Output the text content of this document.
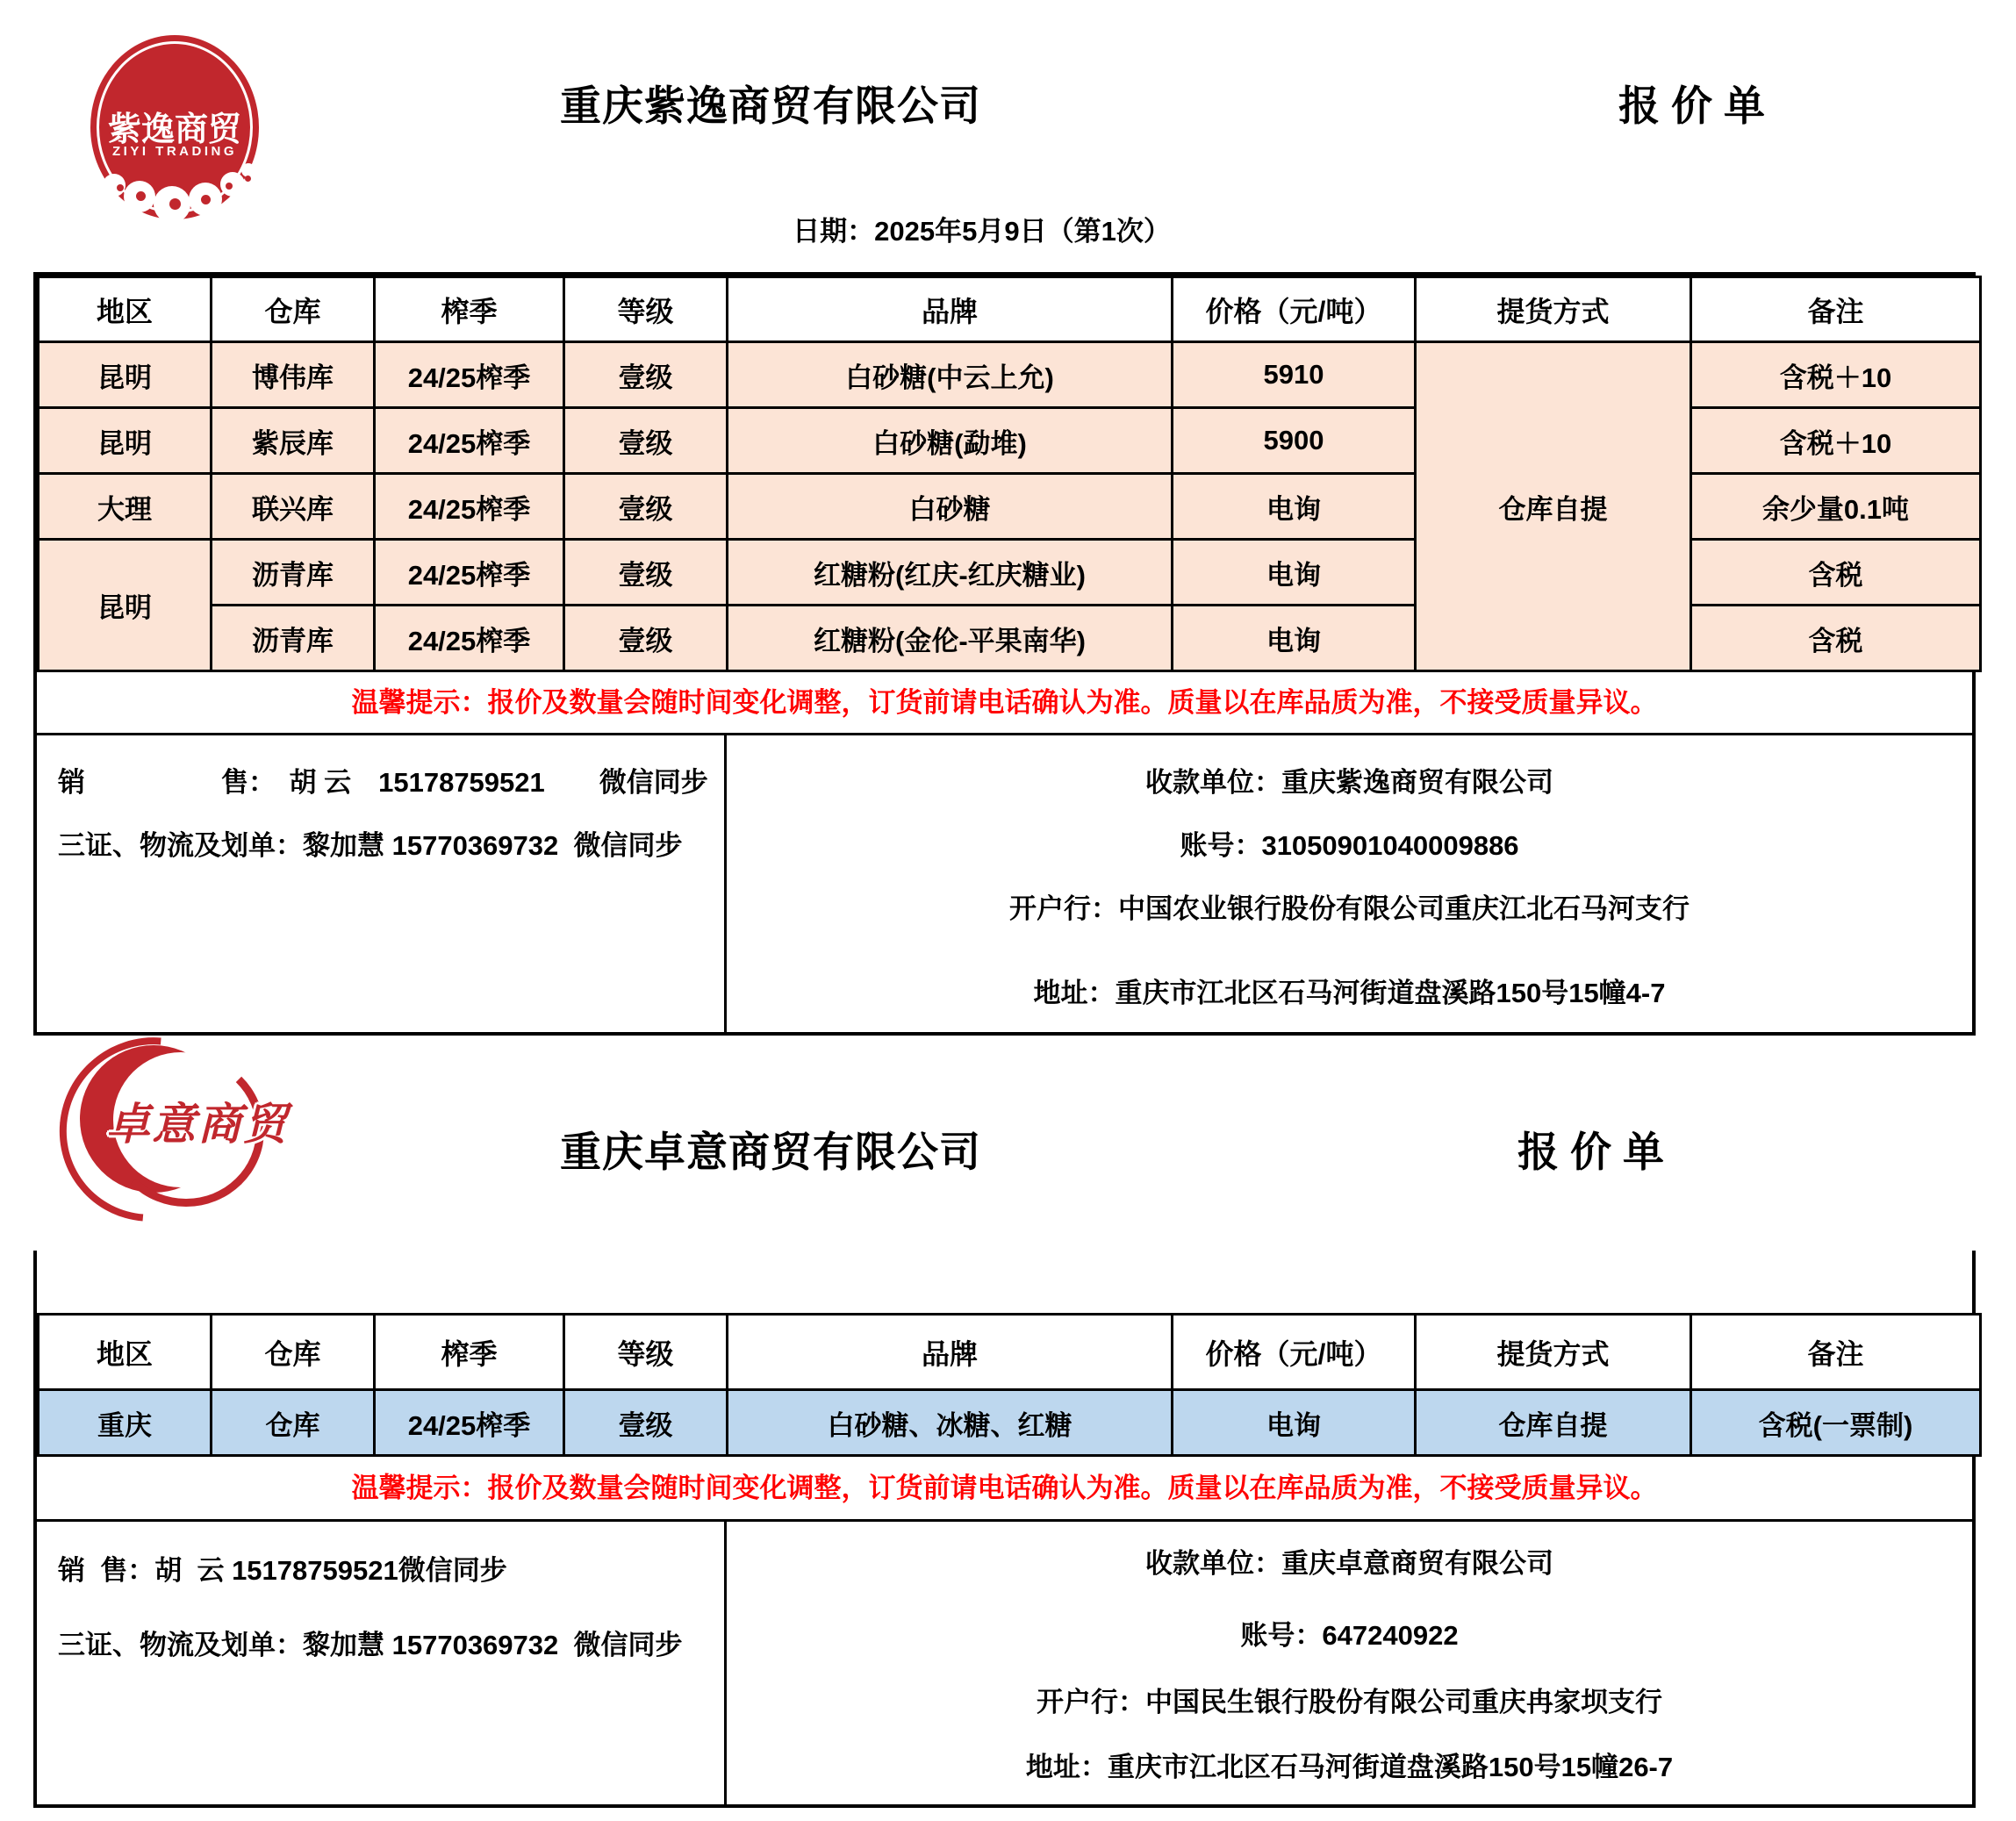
紫逸商贸
ZIYI TRADING
重庆紫逸商贸有限公司	报价单
日期：2025年5月9日（第1次）
地区	仓库	榨季	等级	品牌	价格（元/吨）	提货方式	备注
昆明	博伟库	24/25榨季	壹级	白砂糖(中云上允)	5910	仓库自提	含税＋10
昆明	紫辰库	24/25榨季	壹级	白砂糖(勐堆)	5900		含税＋10
大理	联兴库	24/25榨季	壹级	白砂糖	电询		余少量0.1吨
昆明	沥青库	24/25榨季	壹级	红糖粉(红庆-红庆糖业)	电询		含税
	沥青库	24/25榨季	壹级	红糖粉(金伦-平果南华)	电询		含税
温馨提示：报价及数量会随时间变化调整，订货前请电话确认为准。质量以在库品质为准，不接受质量异议。
销　　　　　售：　胡 云　15178759521　　微信同步
三证、物流及划单：黎加慧 15770369732  微信同步
收款单位：重庆紫逸商贸有限公司
账号：31050901040009886
开户行：中国农业银行股份有限公司重庆江北石马河支行
地址：重庆市江北区石马河街道盘溪路150号15幢4-7
卓意商贸
重庆卓意商贸有限公司	报价单
地区	仓库	榨季	等级	品牌	价格（元/吨）	提货方式	备注
重庆	仓库	24/25榨季	壹级	白砂糖、冰糖、红糖	电询	仓库自提	含税(一票制)
温馨提示：报价及数量会随时间变化调整，订货前请电话确认为准。质量以在库品质为准，不接受质量异议。
销  售：胡  云 15178759521微信同步
三证、物流及划单：黎加慧 15770369732  微信同步
收款单位：重庆卓意商贸有限公司
账号：647240922
开户行：中国民生银行股份有限公司重庆冉家坝支行
地址：重庆市江北区石马河街道盘溪路150号15幢26-7
